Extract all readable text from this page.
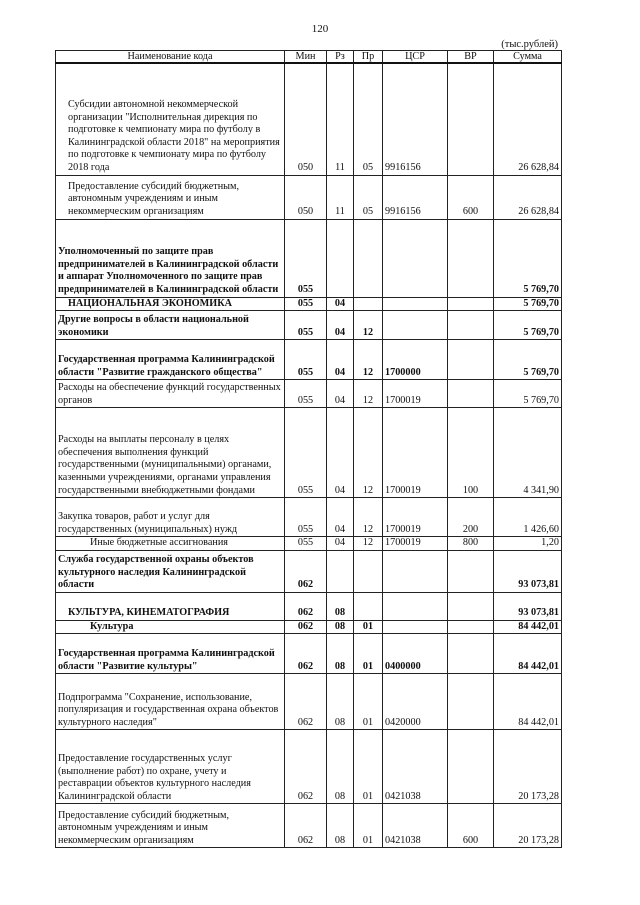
120
(тыс.рублей)
Наименование кода	Мин	Рз	Пр	ЦСР	ВР	Сумма
Субсидии автономной некоммерческой организации "Исполнительная дирекция по подготовке к чемпионату мира по футболу в Калининградской области 2018" на мероприятия по подготовке к чемпионату мира по футболу 2018 года	050	11	05	9916156		26 628,84
Предоставление субсидий бюджетным, автономным учреждениям и иным некоммерческим организациям	050	11	05	9916156	600	26 628,84
Уполномоченный по защите прав предпринимателей в Калининградской области и аппарат Уполномоченного по защите прав предпринимателей в Калининградской области	055					5 769,70
НАЦИОНАЛЬНАЯ ЭКОНОМИКА	055	04				5 769,70
Другие вопросы в области национальной экономики	055	04	12			5 769,70
Государственная программа Калининградской области "Развитие гражданского общества"	055	04	12	1700000		5 769,70
Расходы на обеспечение функций государственных органов	055	04	12	1700019		5 769,70
Расходы на выплаты персоналу в целях обеспечения выполнения функций государственными (муниципальными) органами, казенными учреждениями, органами управления государственными внебюджетными фондами	055	04	12	1700019	100	4 341,90
Закупка товаров, работ и услуг для государственных (муниципальных) нужд	055	04	12	1700019	200	1 426,60
Иные бюджетные ассигнования	055	04	12	1700019	800	1,20
Служба государственной охраны объектов культурного наследия Калининградской области	062					93 073,81
КУЛЬТУРА, КИНЕМАТОГРАФИЯ	062	08				93 073,81
Культура	062	08	01			84 442,01
Государственная программа Калининградской области "Развитие культуры"	062	08	01	0400000		84 442,01
Подпрограмма "Сохранение, использование, популяризация и государственная охрана объектов культурного наследия"	062	08	01	0420000		84 442,01
Предоставление государственных услуг (выполнение работ) по охране, учету и реставрации объектов культурного наследия Калининградской области	062	08	01	0421038		20 173,28
Предоставление субсидий бюджетным, автономным учреждениям и иным некоммерческим организациям	062	08	01	0421038	600	20 173,28
